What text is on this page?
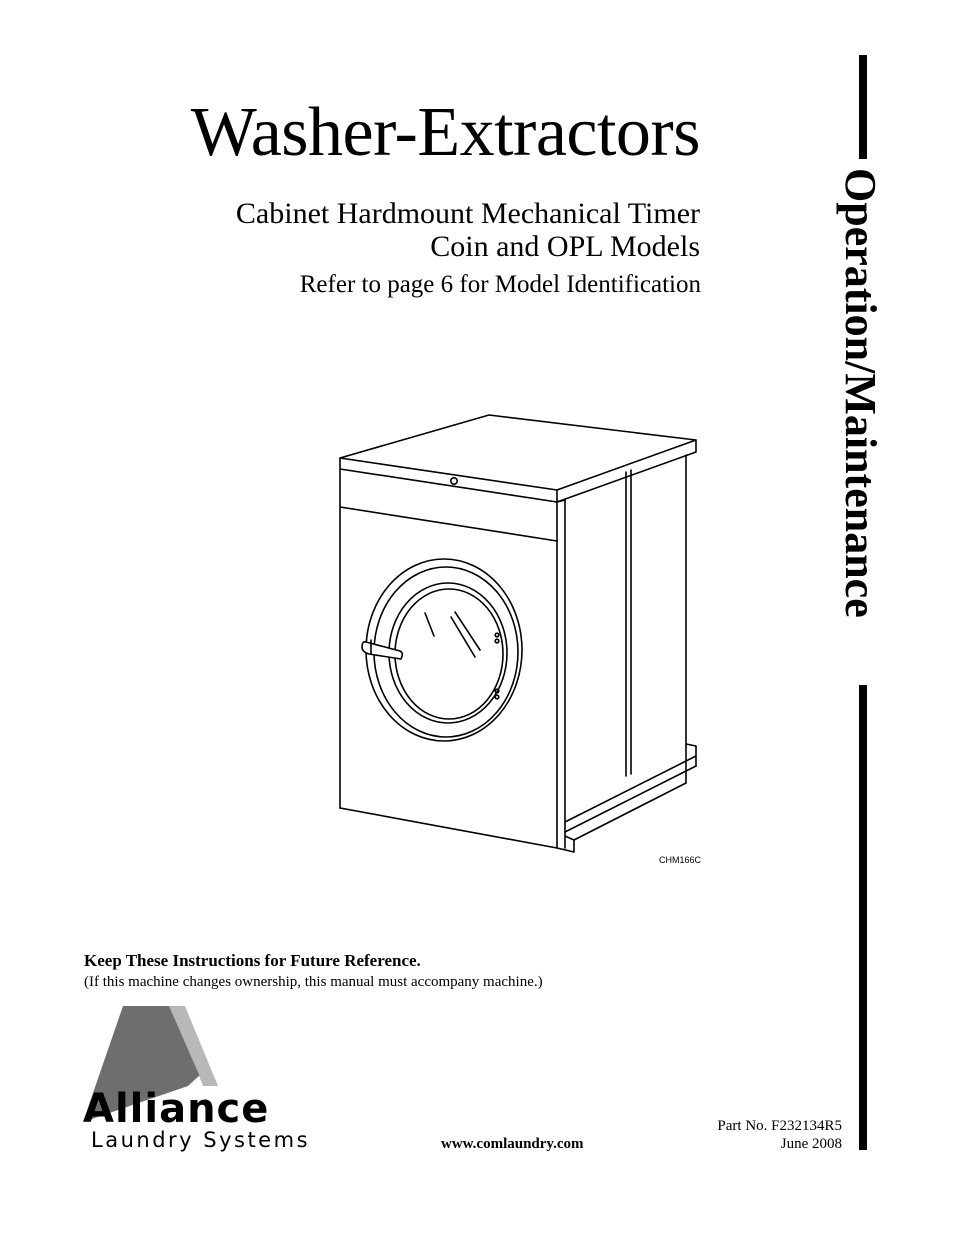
Washer-Extractors
Cabinet Hardmount Mechanical Timer
Coin and OPL Models
Refer to page 6 for Model Identification	Operation/Maintenance
CHM166C
Keep These Instructions for Future Reference.
(If this machine changes ownership, this manual must accompany machine.)
Alliance
Laundry Systems	www.comlaundry.com
Part No. F232134R5
June 2008
